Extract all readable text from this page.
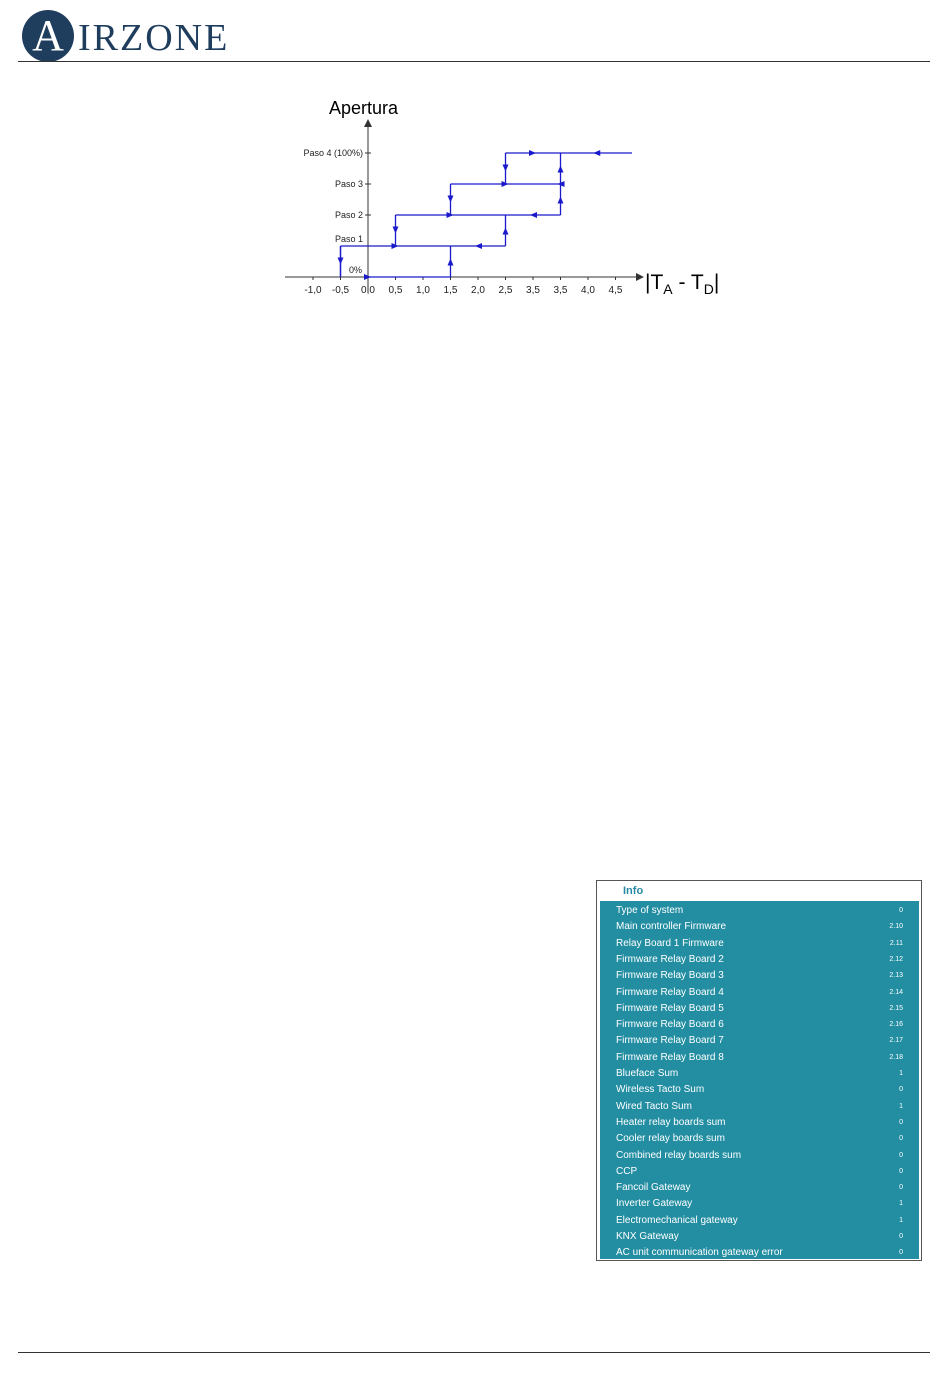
A IRZONE
Apertura
-1,0 -0,5 0,0 0,5 1,0 1,5 2,0 2,5 3,5 3,5 4,0 4,5
Paso 4 (100%)
Paso 3
Paso 2
Paso 1
0%
$|T_A - T_D|$
Info
Type of system	0
Main controller Firmware	2.10
Relay Board 1 Firmware	2.11
Firmware Relay Board 2	2.12
Firmware Relay Board 3	2.13
Firmware Relay Board 4	2.14
Firmware Relay Board 5	2.15
Firmware Relay Board 6	2.16
Firmware Relay Board 7	2.17
Firmware Relay Board 8	2.18
Blueface Sum	1
Wireless Tacto Sum	0
Wired Tacto Sum	1
Heater relay boards sum	0
Cooler relay boards sum	0
Combined relay boards sum	0
CCP	0
Fancoil Gateway	0
Inverter Gateway	1
Electromechanical gateway	1
KNX Gateway	0
AC unit communication gateway error	0
